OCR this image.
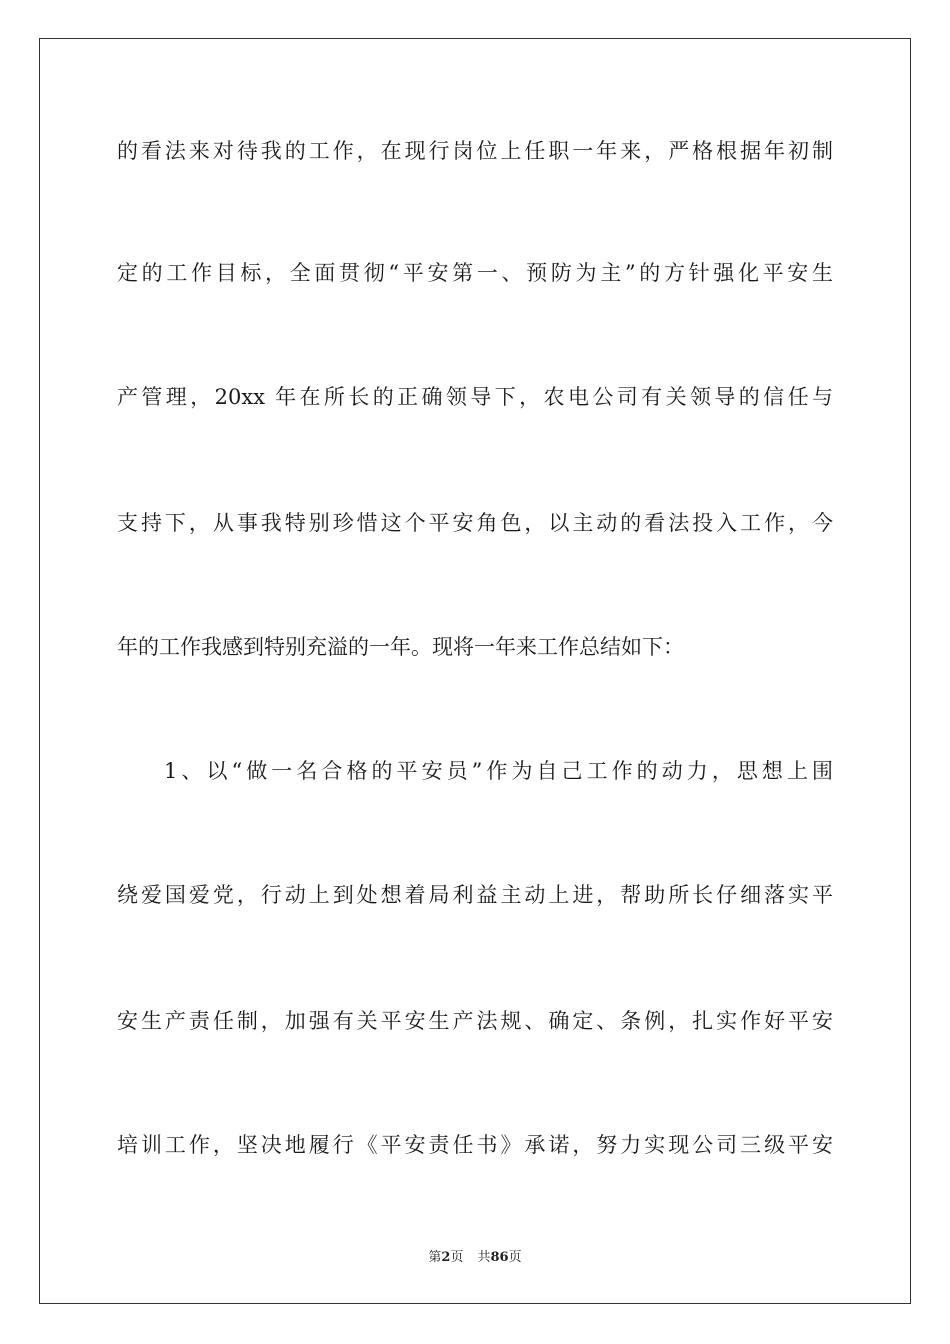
的看法来对待我的工作，在现行岗位上任职一年来，严格根据年初制
定的工作目标，全面贯彻“平安第一、预防为主”的方针强化平安生
产管理，20xx 年在所长的正确领导下，农电公司有关领导的信任与
支持下，从事我特别珍惜这个平安角色，以主动的看法投入工作，今
年的工作我感到特别充溢的一年。现将一年来工作总结如下：
1、以“做一名合格的平安员”作为自己工作的动力，思想上围
绕爱国爱党，行动上到处想着局利益主动上进，帮助所长仔细落实平
安生产责任制，加强有关平安生产法规、确定、条例，扎实作好平安
培训工作，坚决地履行《平安责任书》承诺，努力实现公司三级平安
第2页 共86页
